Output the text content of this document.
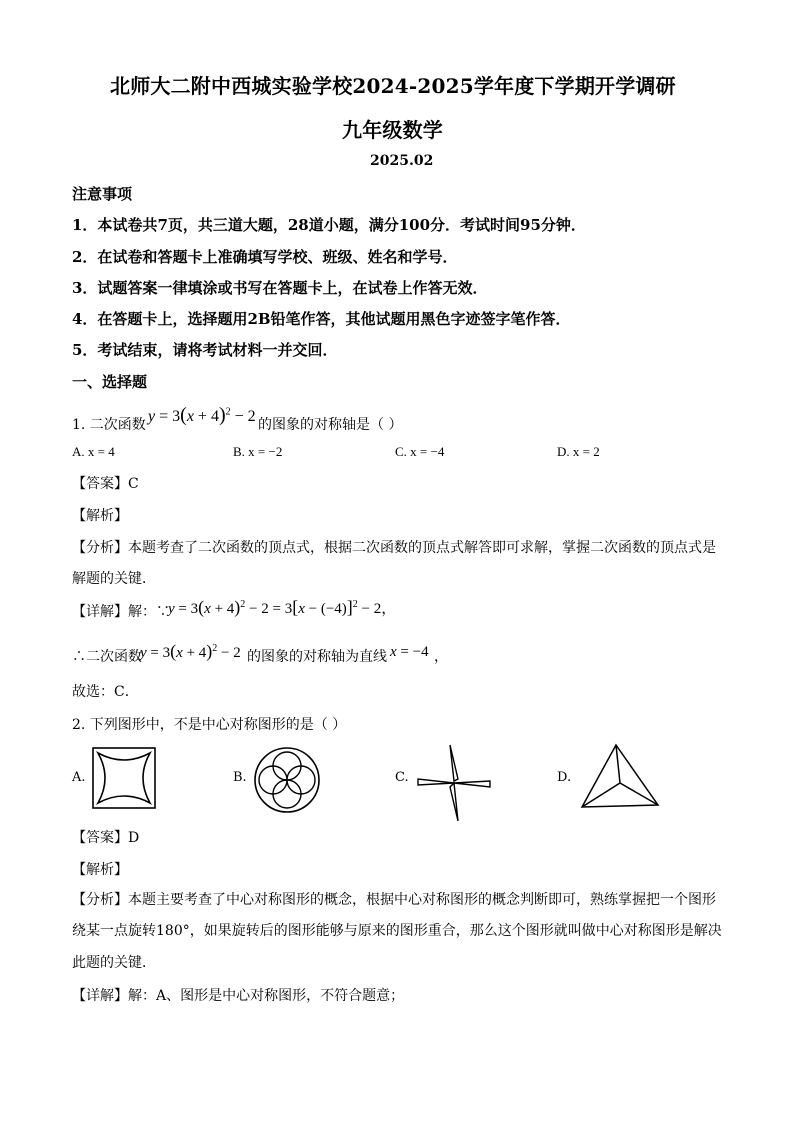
北师大二附中西城实验学校2024-2025学年度下学期开学调研
九年级数学
2025.02
注意事项
1．本试卷共7页，共三道大题，28道小题，满分100分．考试时间95分钟．
2．在试卷和答题卡上准确填写学校、班级、姓名和学号．
3．试题答案一律填涂或书写在答题卡上，在试卷上作答无效．
4．在答题卡上，选择题用2B铅笔作答，其他试题用黑色字迹签字笔作答．
5．考试结束，请将考试材料一并交回．
一、选择题
1. 二次函数 $y = 3(x + 4)^2 - 2$ 的图象的对称轴是（ ）
A. x = 4	B. x = −2	C. x = −4	D. x = 2
【答案】C
【解析】
【分析】本题考查了二次函数的顶点式，根据二次函数的顶点式解答即可求解，掌握二次函数的顶点式是
解题的关键．
【详解】解：∵
$y = 3(x + 4)^2 - 2 = 3[x - (-4)]^2 - 2$，
∴二次函数
$y = 3(x + 4)^2 - 2$ 的图象的对称轴为直线 x = −4 ，
故选：C．
2. 下列图形中，不是中心对称图形的是（ ）
A.	B.	C.	D.
【答案】D
【解析】
【分析】本题主要考查了中心对称图形的概念，根据中心对称图形的概念判断即可，熟练掌握把一个图形
绕某一点旋转180°，如果旋转后的图形能够与原来的图形重合，那么这个图形就叫做中心对称图形是解决
此题的关键．
【详解】解：A、图形是中心对称图形，不符合题意；
